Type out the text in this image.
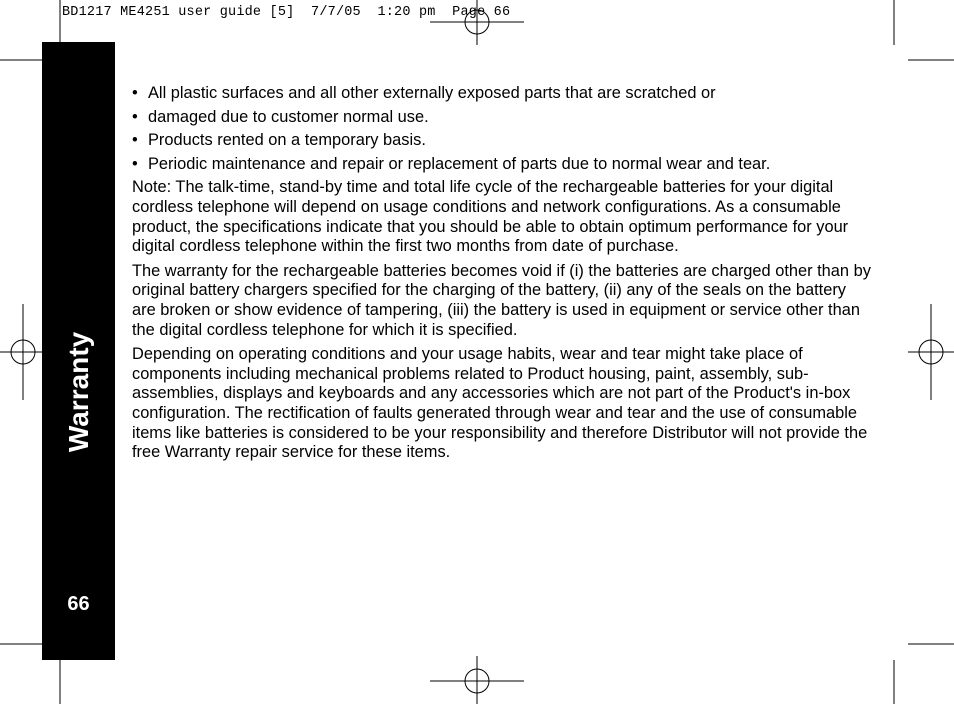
BD1217 ME4251 user guide [5]  7/7/05  1:20 pm  Page 66
Warranty
66
• All plastic surfaces and all other externally exposed parts that are scratched or
• damaged due to customer normal use.
• Products rented on a temporary basis.
• Periodic maintenance and repair or replacement of parts due to normal wear and tear.

Note: The talk-time, stand-by time and total life cycle of the rechargeable batteries for your digital cordless telephone will depend on usage conditions and network configurations. As a consumable product, the specifications indicate that you should be able to obtain optimum performance for your digital cordless telephone within the first two months from date of purchase.

The warranty for the rechargeable batteries becomes void if (i) the batteries are charged other than by original battery chargers specified for the charging of the battery, (ii) any of the seals on the battery are broken or show evidence of tampering, (iii) the battery is used in equipment or service other than the digital cordless telephone for which it is specified.

Depending on operating conditions and your usage habits, wear and tear might take place of components including mechanical problems related to Product housing, paint, assembly, sub-assemblies, displays and keyboards and any accessories which are not part of the Product's in-box configuration. The rectification of faults generated through wear and tear and the use of consumable items like batteries is considered to be your responsibility and therefore Distributor will not provide the free Warranty repair service for these items.
